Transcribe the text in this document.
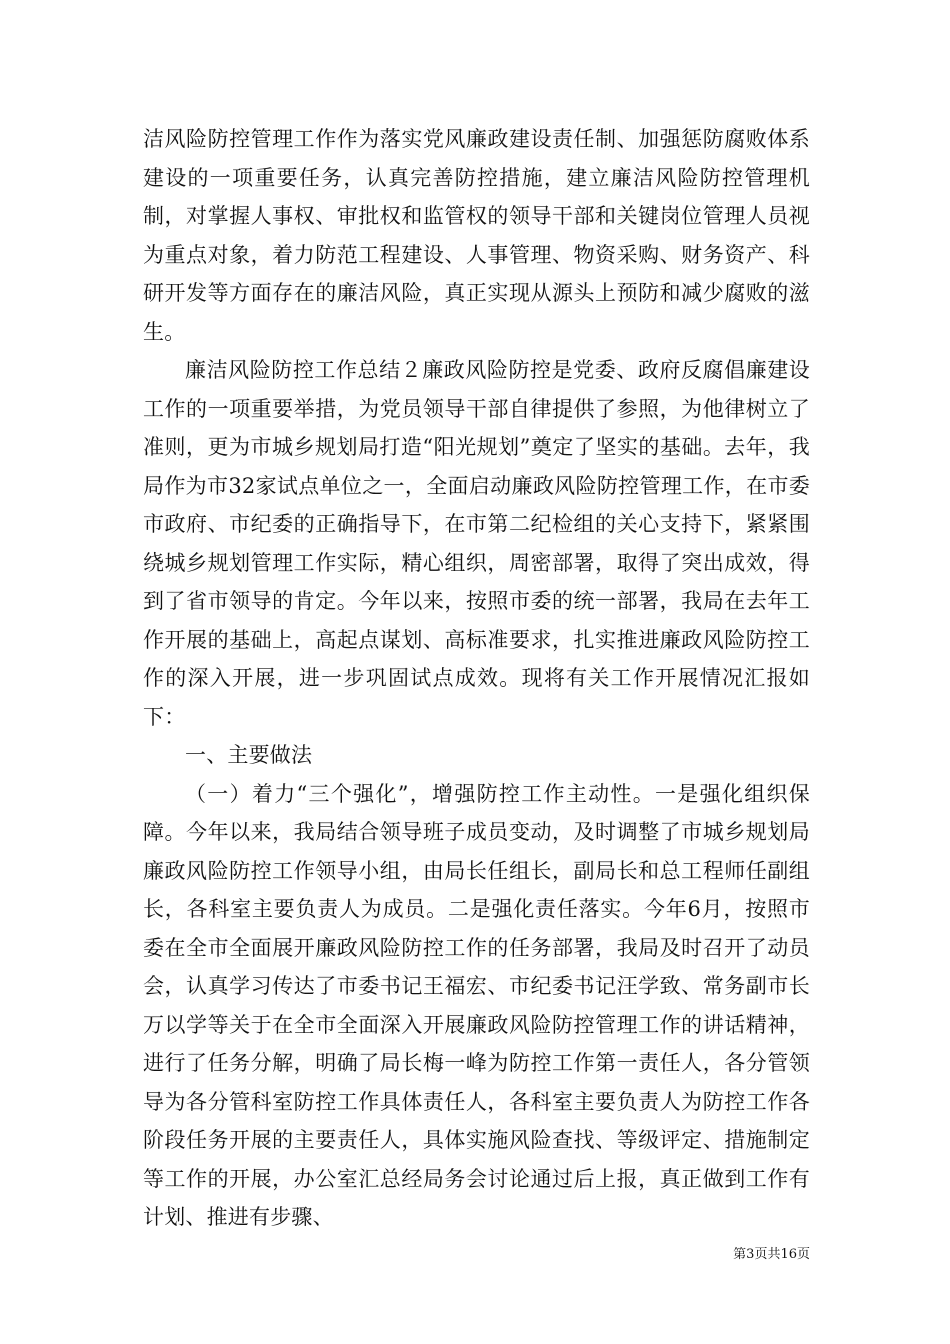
洁风险防控管理工作作为落实党风廉政建设责任制、加强惩防腐败体系建设的一项重要任务，认真完善防控措施，建立廉洁风险防控管理机制，对掌握人事权、审批权和监管权的领导干部和关键岗位管理人员视为重点对象，着力防范工程建设、人事管理、物资采购、财务资产、科研开发等方面存在的廉洁风险，真正实现从源头上预防和减少腐败的滋生。

廉洁风险防控工作总结２廉政风险防控是党委、政府反腐倡廉建设工作的一项重要举措，为党员领导干部自律提供了参照，为他律树立了准则，更为市城乡规划局打造“阳光规划”奠定了坚实的基础。去年，我局作为市32家试点单位之一，全面启动廉政风险防控管理工作，在市委市政府、市纪委的正确指导下，在市第二纪检组的关心支持下，紧紧围绕城乡规划管理工作实际，精心组织，周密部署，取得了突出成效，得到了省市领导的肯定。今年以来，按照市委的统一部署，我局在去年工作开展的基础上，高起点谋划、高标准要求，扎实推进廉政风险防控工作的深入开展，进一步巩固试点成效。现将有关工作开展情况汇报如下：

一、主要做法

（一）着力“三个强化”，增强防控工作主动性。一是强化组织保障。今年以来，我局结合领导班子成员变动，及时调整了市城乡规划局廉政风险防控工作领导小组，由局长任组长，副局长和总工程师任副组长，各科室主要负责人为成员。二是强化责任落实。今年6月，按照市委在全市全面展开廉政风险防控工作的任务部署，我局及时召开了动员会，认真学习传达了市委书记王福宏、市纪委书记汪学致、常务副市长万以学等关于在全市全面深入开展廉政风险防控管理工作的讲话精神，进行了任务分解，明确了局长梅一峰为防控工作第一责任人，各分管领导为各分管科室防控工作具体责任人，各科室主要负责人为防控工作各阶段任务开展的主要责任人，具体实施风险查找、等级评定、措施制定等工作的开展，办公室汇总经局务会讨论通过后上报，真正做到工作有计划、推进有步骤、

第3页共16页
